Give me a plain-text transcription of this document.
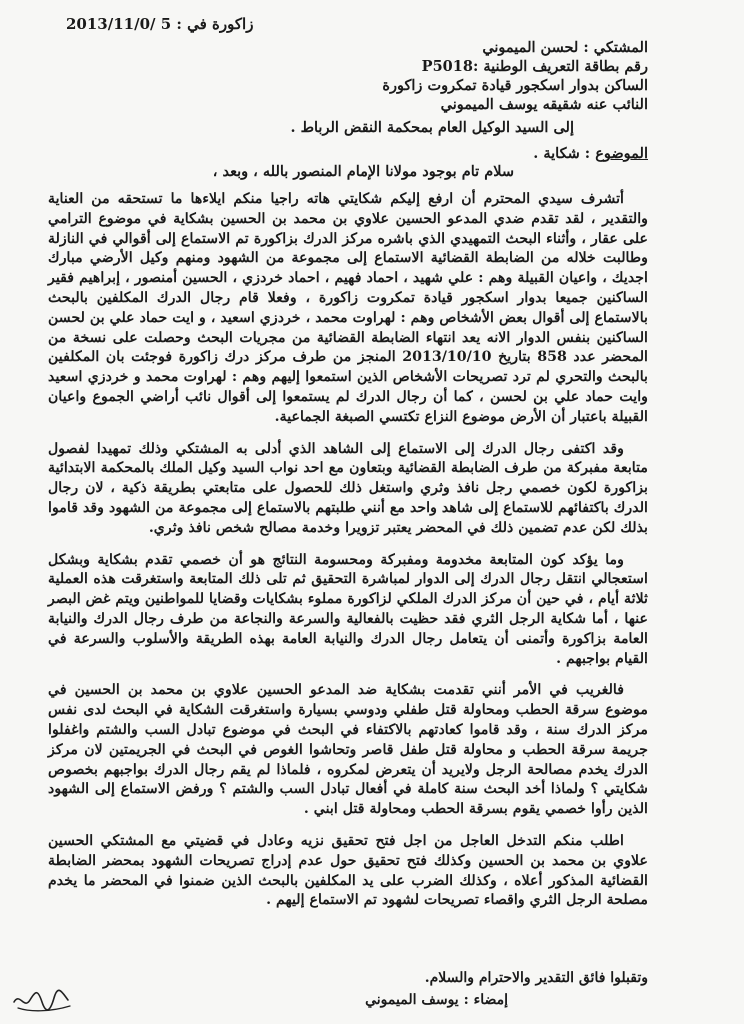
زاكورة في : 5 /2013/11/0
المشتكي : لحسن الميموني
رقم بطاقة التعريف الوطنية :P5018
الساكن بدوار اسكجور قيادة تمكروت زاكورة
النائب عنه شقيقه يوسف الميموني
إلى السيد الوكيل العام بمحكمة النقض الرباط .
الموضوع : شكاية .
سلام تام بوجود مولانا الإمام المنصور بالله ، وبعد ،

أتشرف سيدي المحترم أن ارفع إليكم شكايتي هاته راجيا منكم ايلاءها ما تستحقه من العناية والتقدير ، لقد تقدم ضدي المدعو الحسين علاوي بن محمد بن الحسين بشكاية في موضوع الترامي على عقار ، وأثناء البحث التمهيدي الذي باشره مركز الدرك بزاكورة تم الاستماع إلى أقوالي في النازلة وطالبت خلاله من الضابطة القضائية الاستماع إلى مجموعة من الشهود ومنهم وكيل الأرضي مبارك اجديك ، واعيان القبيلة وهم : علي شهيد ، احماد فهيم ، احماد خردزي ، الحسين أمنصور ، إبراهيم فقير الساكنين جميعا بدوار اسكجور قيادة تمكروت زاكورة ، وفعلا قام رجال الدرك المكلفين بالبحث بالاستماع إلى أقوال بعض الأشخاص وهم : لهراوت محمد ، خردزي اسعيد ، و ايت حماد علي بن لحسن الساكنين بنفس الدوار الانه يعد انتهاء الضابطة القضائية من مجريات البحث وحصلت على نسخة من المحضر عدد 858 بتاريخ 2013/10/10 المنجز من طرف مركز درك زاكورة فوجئت بان المكلفين بالبحث والتحري لم ترد تصريحات الأشخاص الذين استمعوا إليهم وهم : لهراوت محمد و خردزي اسعيد وايت حماد علي بن لحسن ، كما أن رجال الدرك لم يستمعوا إلى أقوال نائب أراضي الجموع واعيان القبيلة باعتبار أن الأرض موضوع النزاع تكتسي الصبغة الجماعية.

وقد اكتفى رجال الدرك إلى الاستماع إلى الشاهد الذي أدلى به المشتكي وذلك تمهيدا لفصول متابعة مفبركة من طرف الضابطة القضائية وبتعاون مع احد نواب السيد وكيل الملك بالمحكمة الابتدائية بزاكورة لكون خصمي رجل نافذ وثري واستغل ذلك للحصول على متابعتي بطريقة ذكية ، لان رجال الدرك باكتفائهم للاستماع إلى شاهد واحد مع أنني طلبتهم بالاستماع إلى مجموعة من الشهود وقد قاموا بذلك لكن عدم تضمين ذلك في المحضر يعتبر تزويرا وخدمة مصالح شخص نافذ وثري.

وما يؤكد كون المتابعة مخدومة ومفبركة ومحسومة النتائج هو أن خصمي تقدم بشكاية وبشكل استعجالي انتقل رجال الدرك إلى الدوار لمباشرة التحقيق ثم تلى ذلك المتابعة واستغرقت هذه العملية ثلاثة أيام ، في حين أن مركز الدرك الملكي لزاكورة مملوء بشكايات وقضايا للمواطنين ويتم غض البصر عنها ، أما شكاية الرجل الثري فقد حظيت بالفعالية والسرعة والنجاعة من طرف رجال الدرك والنيابة العامة بزاكورة وأتمنى أن يتعامل رجال الدرك والنيابة العامة بهذه الطريقة والأسلوب والسرعة في القيام بواجبهم .

فالغريب في الأمر أنني تقدمت بشكاية ضد المدعو الحسين علاوي بن محمد بن الحسين في موضوع سرقة الحطب ومحاولة قتل طفلي ودوسي بسيارة واستغرقت الشكاية في البحث لدى نفس مركز الدرك سنة ، وقد قاموا كعادتهم بالاكتفاء في البحث في موضوع تبادل السب والشتم واغفلوا جريمة سرقة الحطب و محاولة قتل طفل قاصر وتحاشوا الغوص في البحث في الجريمتين لان مركز الدرك يخدم مصالحة الرجل ولايريد أن يتعرض لمكروه ، فلماذا لم يقم رجال الدرك بواجبهم بخصوص شكايتي ؟ ولماذا أخد البحث سنة كاملة في أفعال تبادل السب والشتم ؟ ورفض الاستماع إلى الشهود الذين رأوا خصمي يقوم بسرقة الحطب ومحاولة قتل ابني .

اطلب منكم التدخل العاجل من اجل فتح تحقيق نزيه وعادل في قضيتي مع المشتكي الحسين علاوي بن محمد بن الحسين وكذلك فتح تحقيق حول عدم إدراج تصريحات الشهود بمحضر الضابطة القضائية المذكور أعلاه ، وكذلك الضرب على يد المكلفين بالبحث الذين ضمنوا في المحضر ما يخدم مصلحة الرجل الثري واقصاء تصريحات لشهود تم الاستماع إليهم .

وتقبلوا فائق التقدير والاحترام والسلام.
إمضاء : يوسف الميموني
